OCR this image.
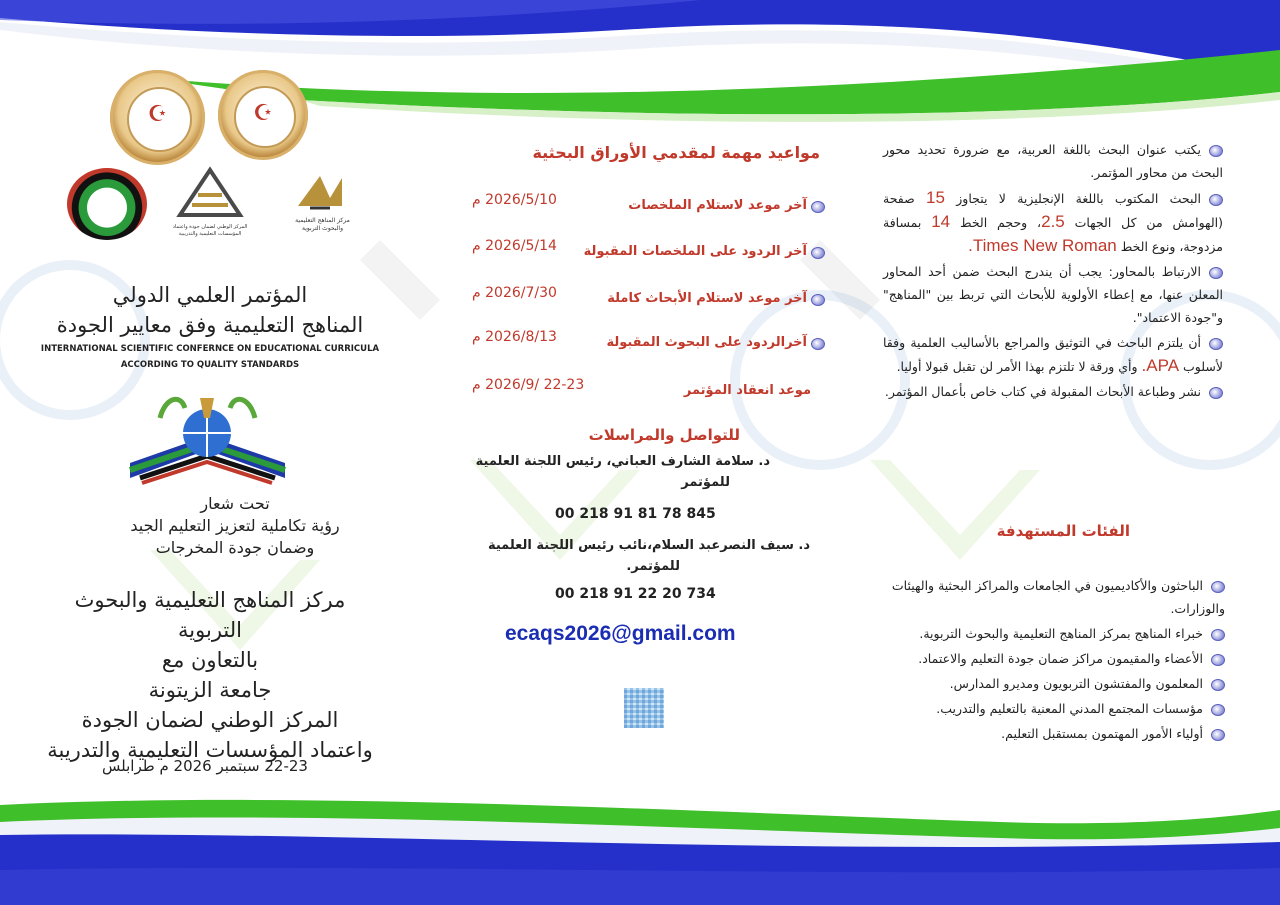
☪	☪
المركز الوطني لضمان جودة واعتماد المؤسسات التعليمية والتدريبية
مركز المناهج التعليمية والبحوث التربوية
المؤتمر العلمي الدولي
المناهج التعليمية وفق معايير الجودة
INTERNATIONAL SCIENTIFIC CONFERNCE ON EDUCATIONAL CURRICULA
ACCORDING TO QUALITY STANDARDS
تحت شعار
رؤية تكاملية لتعزيز التعليم الجيد
وضمان جودة المخرجات
مركز المناهج التعليمية والبحوث التربوية
بالتعاون مع
جامعة الزيتونة
المركز الوطني لضمان الجودة
واعتماد المؤسسات التعليمية والتدريبة
22-23 سبتمبر 2026 م طرابلس
مواعيد مهمة لمقدمي الأوراق البحثية
آخر موعد لاستلام الملخصات
2026/5/10 م
آخر الردود على الملخصات المقبولة
2026/5/14 م
آخر موعد لاستلام الأبحاث كاملة
2026/7/30 م
آخرالردود على البحوث المقبولة
2026/8/13 م
موعد انعقاد المؤتمر
22-23 /2026/9 م
للتواصل والمراسلات
د. سلامة الشارف العباني، رئيس اللجنة العلمية
للمؤتمر
00 218 91 81 78 845
د. سيف النصرعبد السلام،نائب رئيس اللجنة العلمية
للمؤتمر.
00 218 91 22 20 734
ecaqs2026@gmail.com

يكتب عنوان البحث باللغة العربية، مع ضرورة تحديد محور البحث من محاور المؤتمر.

البحث المكتوب باللغة الإنجليزية لا يتجاوز 15 صفحة (الهوامش من كل الجهات 2.5، وحجم الخط 14 بمسافة مزدوجة، ونوع الخط Times New Roman.

الارتباط بالمحاور: يجب أن يندرج البحث ضمن أحد المحاور المعلن عنها، مع إعطاء الأولوية للأبحاث التي تربط بين "المناهج" و"جودة الاعتماد".

أن يلتزم الباحث في التوثيق والمراجع بالأساليب العلمية وفقا لأسلوب APA. وأي ورقة لا تلتزم بهذا الأمر لن تقبل قبولا أوليا.

نشر وطباعة الأبحاث المقبولة في كتاب خاص بأعمال المؤتمر.

الفئات المستهدفة

الباحثون والأكاديميون في الجامعات والمراكز البحثية والهيئات والوزارات.

خبراء المناهج بمركز المناهج التعليمية والبحوث التربوية.

الأعضاء والمقيمون مراكز ضمان جودة التعليم والاعتماد.

المعلمون والمفتشون التربويون ومديرو المدارس.

مؤسسات المجتمع المدني المعنية بالتعليم والتدريب.

أولياء الأمور المهتمون بمستقبل التعليم.
